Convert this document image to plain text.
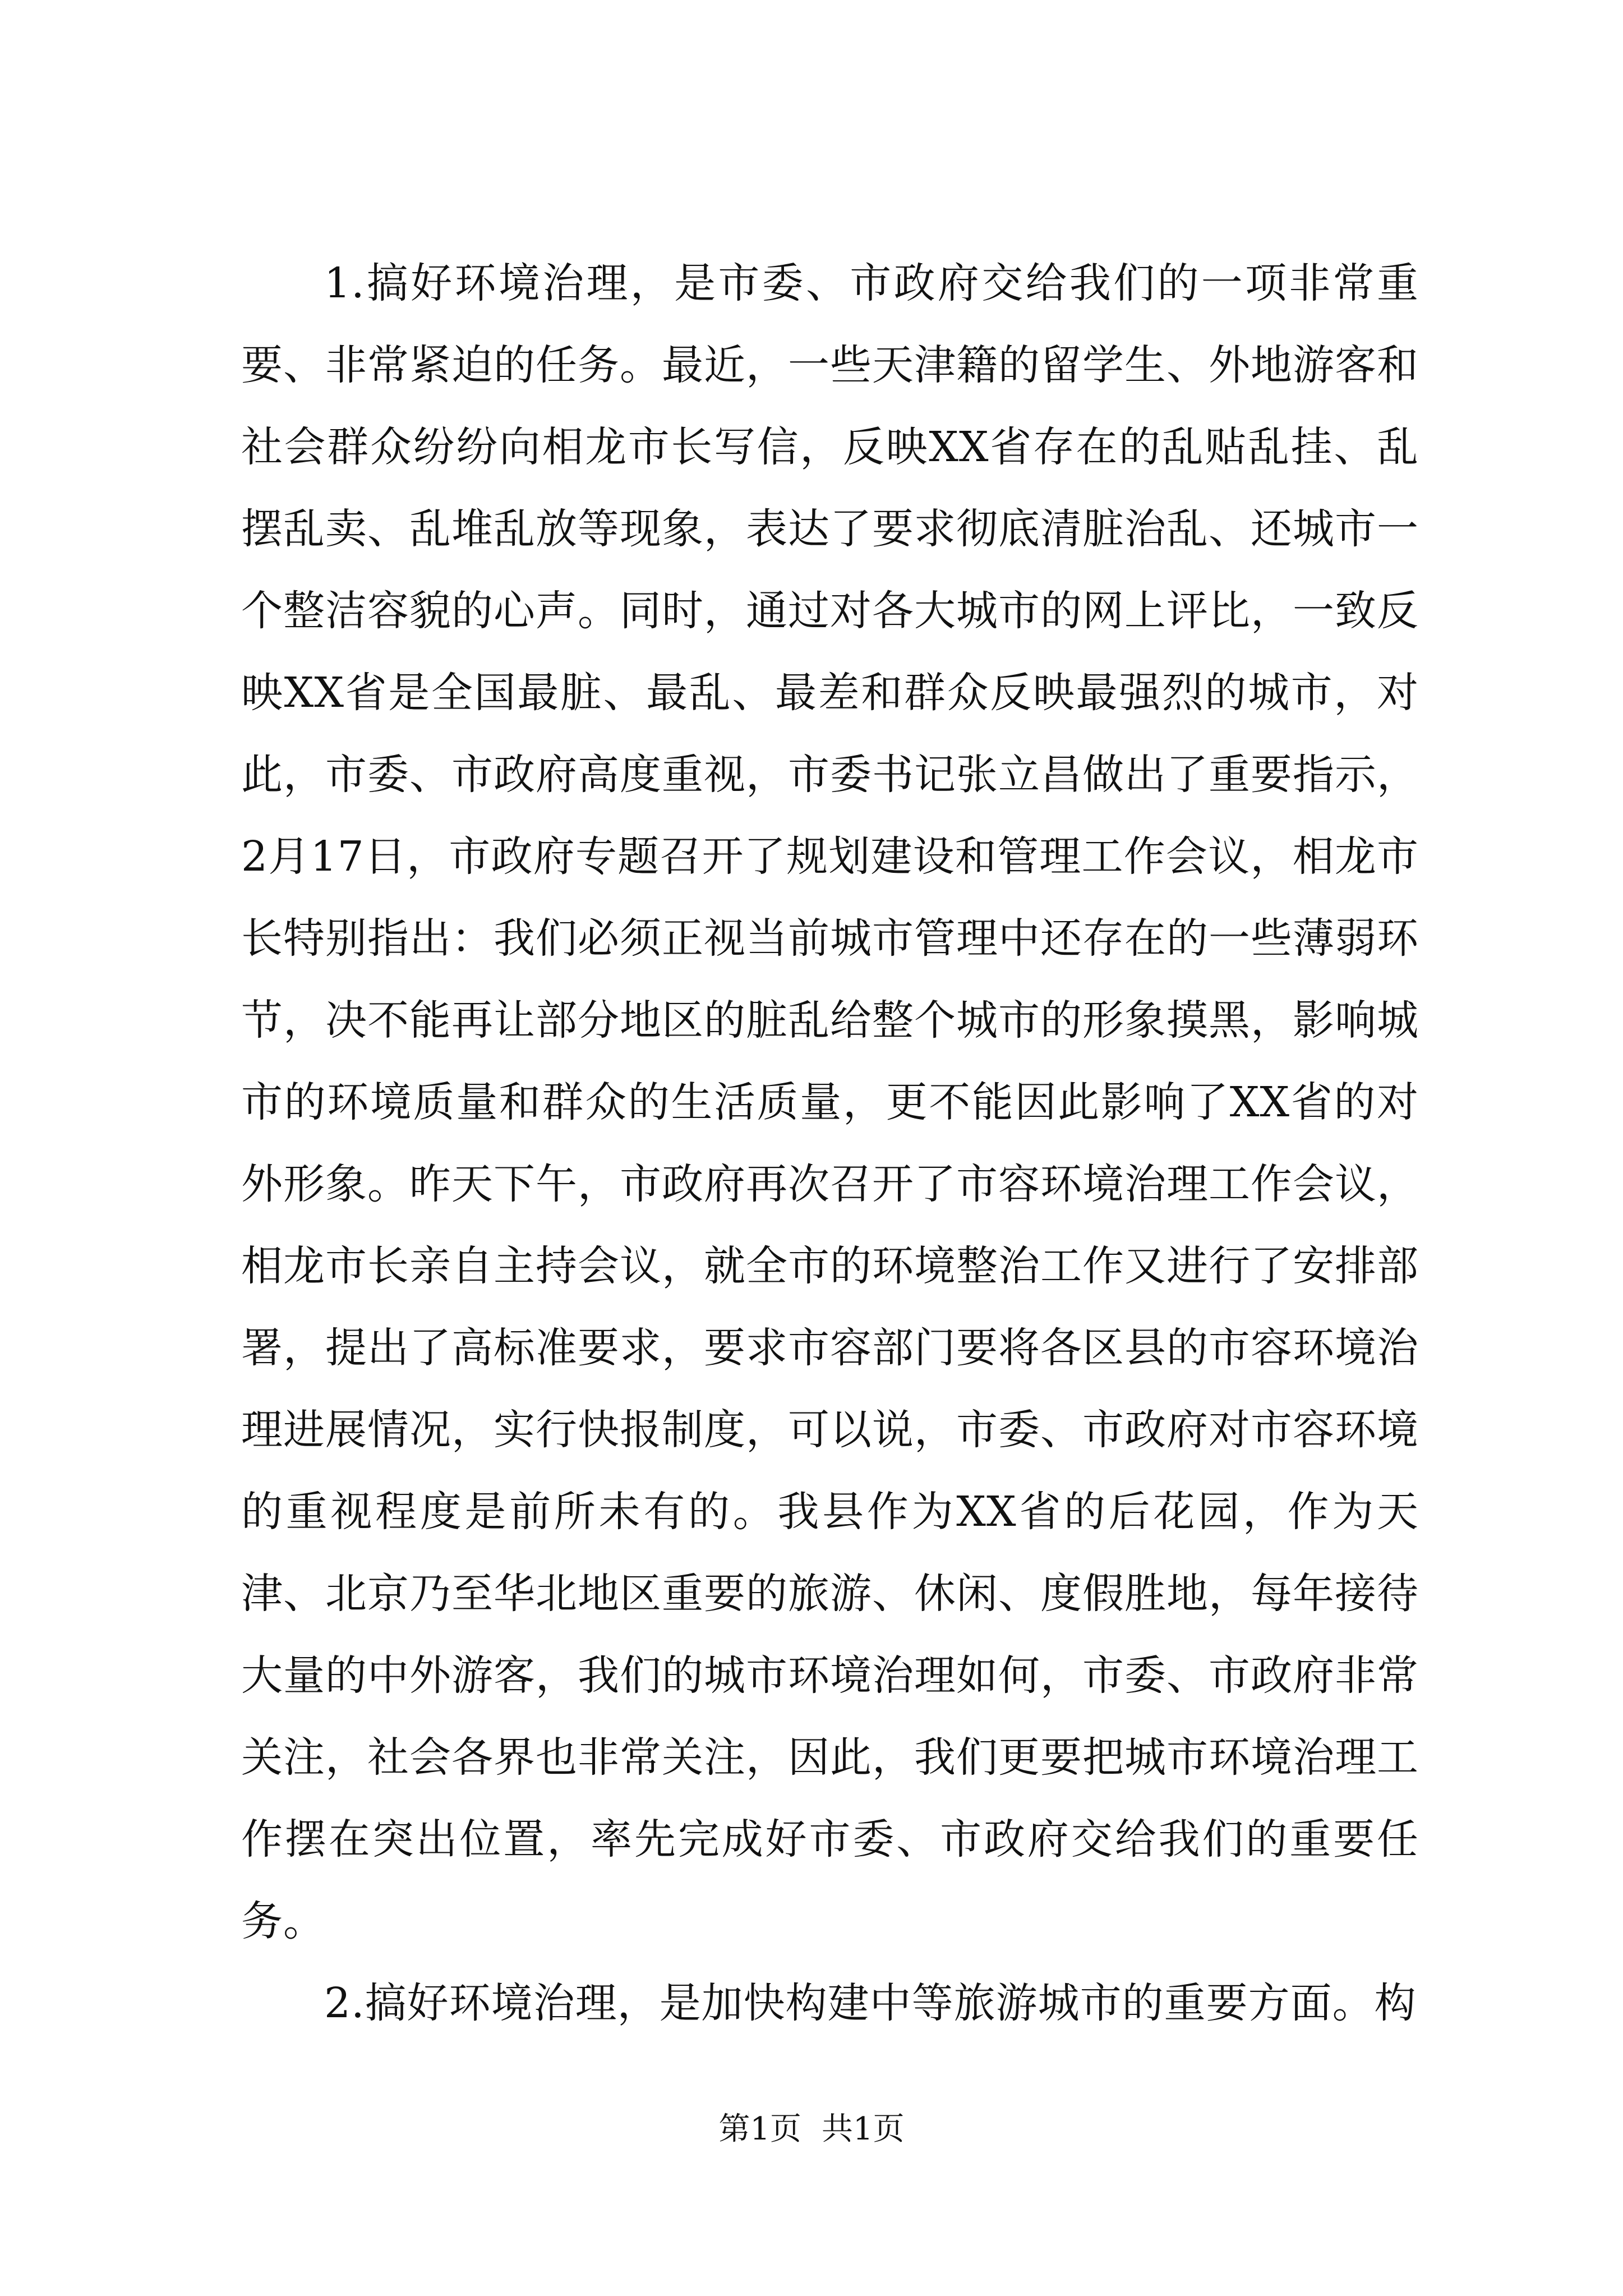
1.搞好环境治理，是市委、市政府交给我们的一项非常重要、非常紧迫的任务。最近，一些天津籍的留学生、外地游客和社会群众纷纷向相龙市长写信，反映XX省存在的乱贴乱挂、乱摆乱卖、乱堆乱放等现象，表达了要求彻底清脏治乱、还城市一个整洁容貌的心声。同时，通过对各大城市的网上评比，一致反映XX省是全国最脏、最乱、最差和群众反映最强烈的城市，对此，市委、市政府高度重视，市委书记张立昌做出了重要指示，2月17日，市政府专题召开了规划建设和管理工作会议，相龙市长特别指出：我们必须正视当前城市管理中还存在的一些薄弱环节，决不能再让部分地区的脏乱给整个城市的形象摸黑，影响城市的环境质量和群众的生活质量，更不能因此影响了XX省的对外形象。昨天下午，市政府再次召开了市容环境治理工作会议，相龙市长亲自主持会议，就全市的环境整治工作又进行了安排部署，提出了高标准要求，要求市容部门要将各区县的市容环境治理进展情况，实行快报制度，可以说，市委、市政府对市容环境的重视程度是前所未有的。我县作为XX省的后花园，作为天津、北京乃至华北地区重要的旅游、休闲、度假胜地，每年接待大量的中外游客，我们的城市环境治理如何，市委、市政府非常关注，社会各界也非常关注，因此，我们更要把城市环境治理工作摆在突出位置，率先完成好市委、市政府交给我们的重要任务。

2.搞好环境治理，是加快构建中等旅游城市的重要方面。构

第1页 共1页
